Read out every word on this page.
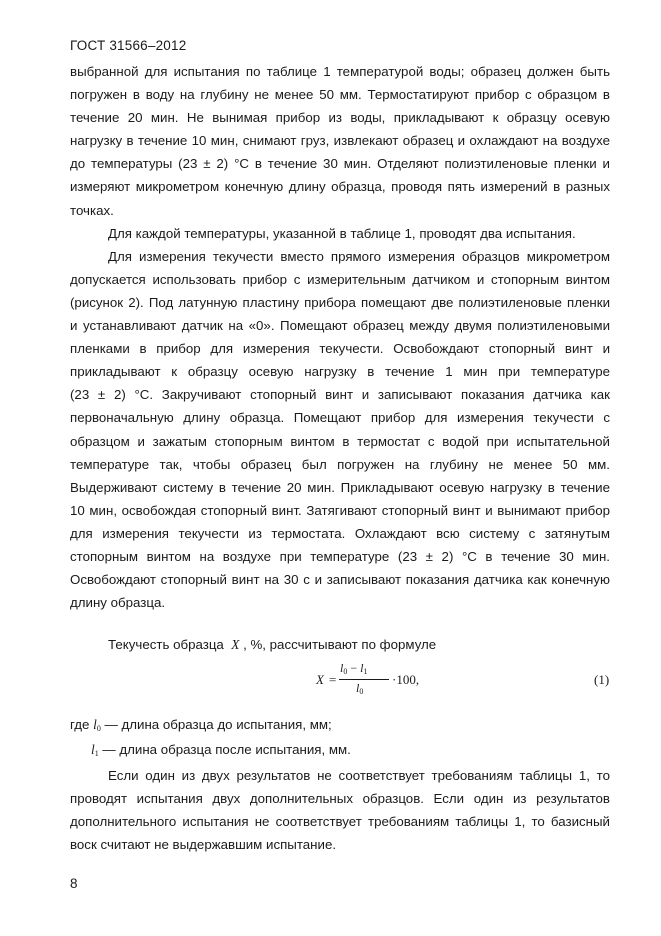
ГОСТ 31566–2012

выбранной для испытания по таблице 1 температурой воды; образец должен быть

погружен в воду на глубину не менее 50 мм. Термостатируют прибор с образцом в

течение 20 мин. Не вынимая прибор из воды, прикладывают к образцу осевую

нагрузку в течение 10 мин, снимают груз, извлекают образец и охлаждают на воздухе

до температуры (23 ± 2) °С в течение 30 мин. Отделяют полиэтиленовые пленки и

измеряют микрометром конечную длину образца, проводя пять измерений в разных

точках.

Для каждой температуры, указанной в таблице 1, проводят два испытания.

Для измерения текучести вместо прямого измерения образцов микрометром

допускается использовать прибор с измерительным датчиком и стопорным винтом

(рисунок 2). Под латунную пластину прибора помещают две полиэтиленовые пленки

и устанавливают датчик на «0». Помещают образец между двумя полиэтиленовыми

пленками в прибор для измерения текучести. Освобождают стопорный винт и

прикладывают к образцу осевую нагрузку в течение 1 мин при температуре

(23 ± 2) °С. Закручивают стопорный винт и записывают показания датчика как

первоначальную длину образца. Помещают прибор для измерения текучести с

образцом и зажатым стопорным винтом в термостат с водой при испытательной

температуре так, чтобы образец был погружен на глубину не менее 50 мм.

Выдерживают систему в течение 20 мин. Прикладывают осевую нагрузку в течение

10 мин, освобождая стопорный винт. Затягивают стопорный винт и вынимают прибор

для измерения текучести из термостата. Охлаждают всю систему с затянутым

стопорным винтом на воздухе при температуре (23 ± 2) °С в течение 30 мин.

Освобождают стопорный винт на 30 с и записывают показания датчика как конечную

длину образца.

Текучесть образца X , %, рассчитывают по формуле
X =
$l_0 - l_1$
$l_0$
·100,	(1)
где $l_0$ — длина образца до испытания, мм;
$l_1$ — длина образца после испытания, мм.

Если один из двух результатов не соответствует требованиям таблицы 1, то

проводят испытания двух дополнительных образцов. Если один из результатов

дополнительного испытания не соответствует требованиям таблицы 1, то базисный

воск считают не выдержавшим испытание.

8
